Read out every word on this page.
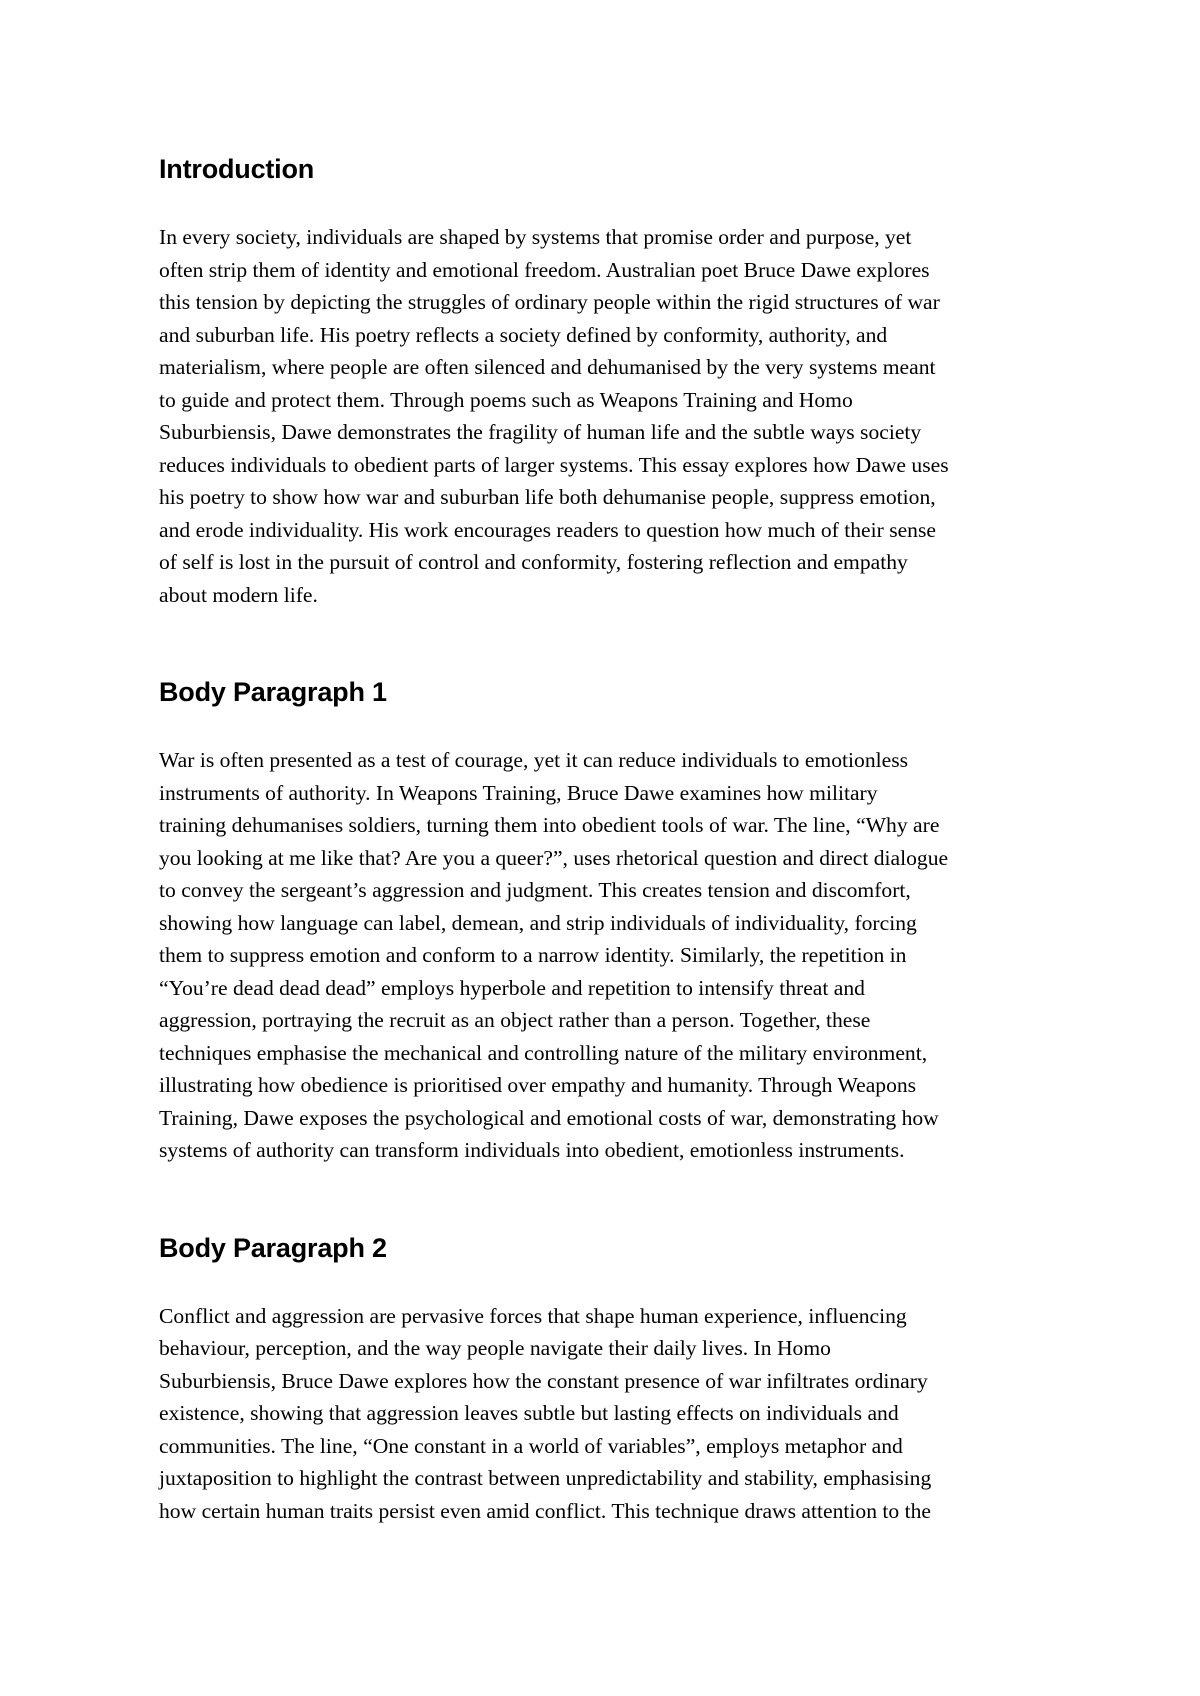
Introduction

In every society, individuals are shaped by systems that promise order and purpose, yet
often strip them of identity and emotional freedom. Australian poet Bruce Dawe explores
this tension by depicting the struggles of ordinary people within the rigid structures of war
and suburban life. His poetry reflects a society defined by conformity, authority, and
materialism, where people are often silenced and dehumanised by the very systems meant
to guide and protect them. Through poems such as Weapons Training and Homo
Suburbiensis, Dawe demonstrates the fragility of human life and the subtle ways society
reduces individuals to obedient parts of larger systems. This essay explores how Dawe uses
his poetry to show how war and suburban life both dehumanise people, suppress emotion,
and erode individuality. His work encourages readers to question how much of their sense
of self is lost in the pursuit of control and conformity, fostering reflection and empathy
about modern life.

Body Paragraph 1

War is often presented as a test of courage, yet it can reduce individuals to emotionless
instruments of authority. In Weapons Training, Bruce Dawe examines how military
training dehumanises soldiers, turning them into obedient tools of war. The line, “Why are
you looking at me like that? Are you a queer?”, uses rhetorical question and direct dialogue
to convey the sergeant’s aggression and judgment. This creates tension and discomfort,
showing how language can label, demean, and strip individuals of individuality, forcing
them to suppress emotion and conform to a narrow identity. Similarly, the repetition in
“You’re dead dead dead” employs hyperbole and repetition to intensify threat and
aggression, portraying the recruit as an object rather than a person. Together, these
techniques emphasise the mechanical and controlling nature of the military environment,
illustrating how obedience is prioritised over empathy and humanity. Through Weapons
Training, Dawe exposes the psychological and emotional costs of war, demonstrating how
systems of authority can transform individuals into obedient, emotionless instruments.

Body Paragraph 2

Conflict and aggression are pervasive forces that shape human experience, influencing
behaviour, perception, and the way people navigate their daily lives. In Homo
Suburbiensis, Bruce Dawe explores how the constant presence of war infiltrates ordinary
existence, showing that aggression leaves subtle but lasting effects on individuals and
communities. The line, “One constant in a world of variables”, employs metaphor and
juxtaposition to highlight the contrast between unpredictability and stability, emphasising
how certain human traits persist even amid conflict. This technique draws attention to the
